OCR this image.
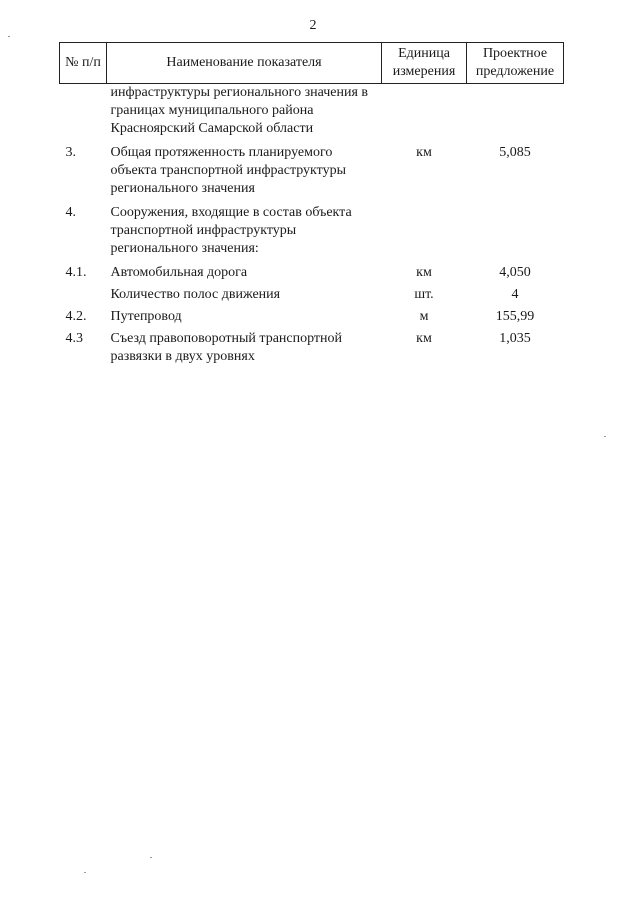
2
№ п/п	Наименование показателя	Единица измерения	Проектное предложение
	инфраструктуры регионального значения в границах муниципального района Красноярский Самарской области		
3.	Общая протяженность планируемого объекта транспортной инфраструктуры регионального значения	км	5,085
4.	Сооружения, входящие в состав объекта транспортной инфраструктуры регионального значения:		
4.1.	Автомобильная дорога	км	4,050
	Количество полос движения	шт.	4
4.2.	Путепровод	м	155,99
4.3	Съезд правоповоротный транспортной развязки в двух уровнях	км	1,035
